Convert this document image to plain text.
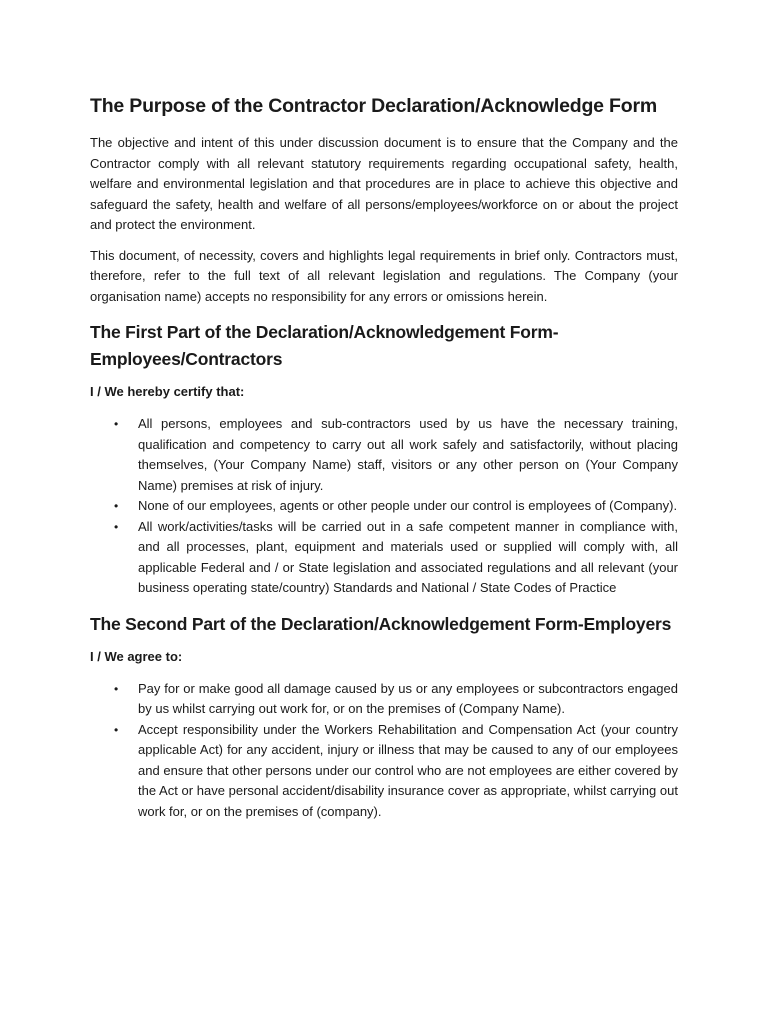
The Purpose of the Contractor Declaration/Acknowledge Form

The objective and intent of this under discussion document is to ensure that the Company and the Contractor comply with all relevant statutory requirements regarding occupational safety, health, welfare and environmental legislation and that procedures are in place to achieve this objective and safeguard the safety, health and welfare of all persons/employees/workforce on or about the project and protect the environment.

This document, of necessity, covers and highlights legal requirements in brief only. Contractors must, therefore, refer to the full text of all relevant legislation and regulations. The Company (your organisation name) accepts no responsibility for any errors or omissions herein.

The First Part of the Declaration/Acknowledgement Form-Employees/Contractors
I / We hereby certify that:
• All persons, employees and sub-contractors used by us have the necessary training, qualification and competency to carry out all work safely and satisfactorily, without placing themselves, (Your Company Name) staff, visitors or any other person on (Your Company Name) premises at risk of injury.
• None of our employees, agents or other people under our control is employees of (Company).
• All work/activities/tasks will be carried out in a safe competent manner in compliance with, and all processes, plant, equipment and materials used or supplied will comply with, all applicable Federal and / or State legislation and associated regulations and all relevant (your business operating state/country) Standards and National / State Codes of Practice
The Second Part of the Declaration/Acknowledgement Form-Employers
I / We agree to:
• Pay for or make good all damage caused by us or any employees or subcontractors engaged by us whilst carrying out work for, or on the premises of (Company Name).
• Accept responsibility under the Workers Rehabilitation and Compensation Act (your country applicable Act) for any accident, injury or illness that may be caused to any of our employees and ensure that other persons under our control who are not employees are either covered by the Act or have personal accident/disability insurance cover as appropriate, whilst carrying out work for, or on the premises of (company).
